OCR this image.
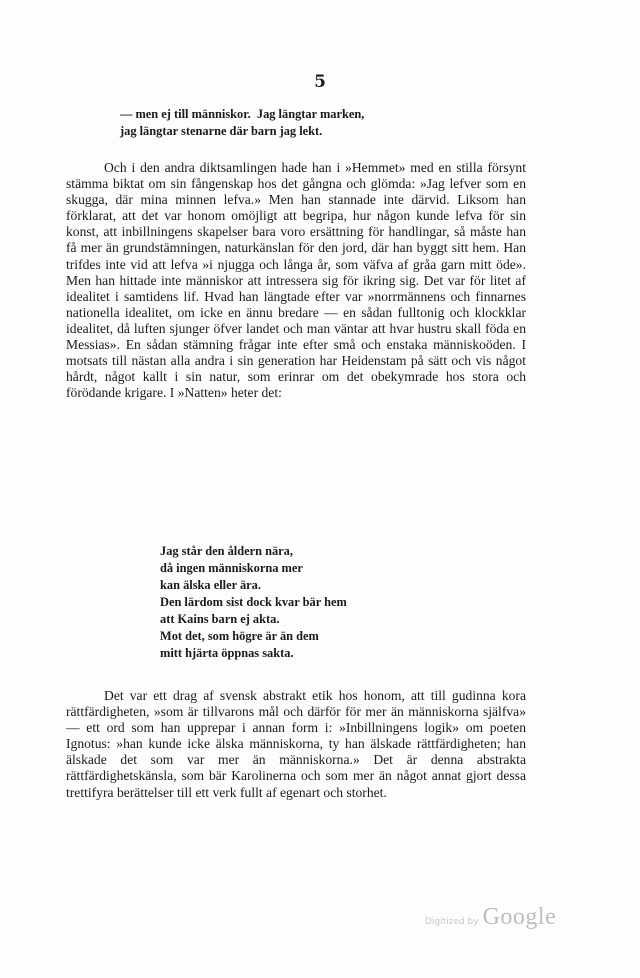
5
— men ej till människor.  Jag längtar marken,
jag längtar stenarne där barn jag lekt.

Och i den andra diktsamlingen hade han i »Hemmet» med en stilla försynt stämma biktat om sin fångenskap hos det gångna och glömda: »Jag lefver som en skugga, där mina minnen lefva.» Men han stannade inte därvid. Liksom han förklarat, att det var honom omöjligt att begripa, hur någon kunde lefva för sin konst, att inbillningens skapelser bara voro ersättning för handlingar, så måste han få mer än grundstämningen, naturkänslan för den jord, där han byggt sitt hem. Han trifdes inte vid att lefva »i njugga och långa år, som väfva af gråa garn mitt öde». Men han hittade inte människor att intressera sig för ikring sig. Det var för litet af idealitet i samtidens lif. Hvad han längtade efter var »norrmännens och finnarnes nationella idealitet, om icke en ännu bredare — en sådan fulltonig och klockklar idealitet, då luften sjunger öfver landet och man väntar att hvar hustru skall föda en Messias». En sådan stämning frågar inte efter små och enstaka människoöden. I motsats till nästan alla andra i sin generation har Heidenstam på sätt och vis något hårdt, något kallt i sin natur, som erinrar om det obekymrade hos stora och förödande krigare. I »Natten» heter det:

Jag står den åldern nära,
då ingen människorna mer
kan älska eller ära.
Den lärdom sist dock kvar bär hem
att Kains barn ej akta.
Mot det, som högre är än dem
mitt hjärta öppnas sakta.

Det var ett drag af svensk abstrakt etik hos honom, att till gudinna kora rättfärdigheten, »som är tillvarons mål och därför för mer än människorna själfva» — ett ord som han upprepar i annan form i: »Inbillningens logik» om poeten Ignotus: »han kunde icke älska människorna, ty han älskade rättfärdigheten; han älskade det som var mer än människorna.» Det är denna abstrakta rättfärdighetskänsla, som bär Karolinerna och som mer än något annat gjort dessa trettifyra berättelser till ett verk fullt af egenart och storhet.

Digitized by Google
